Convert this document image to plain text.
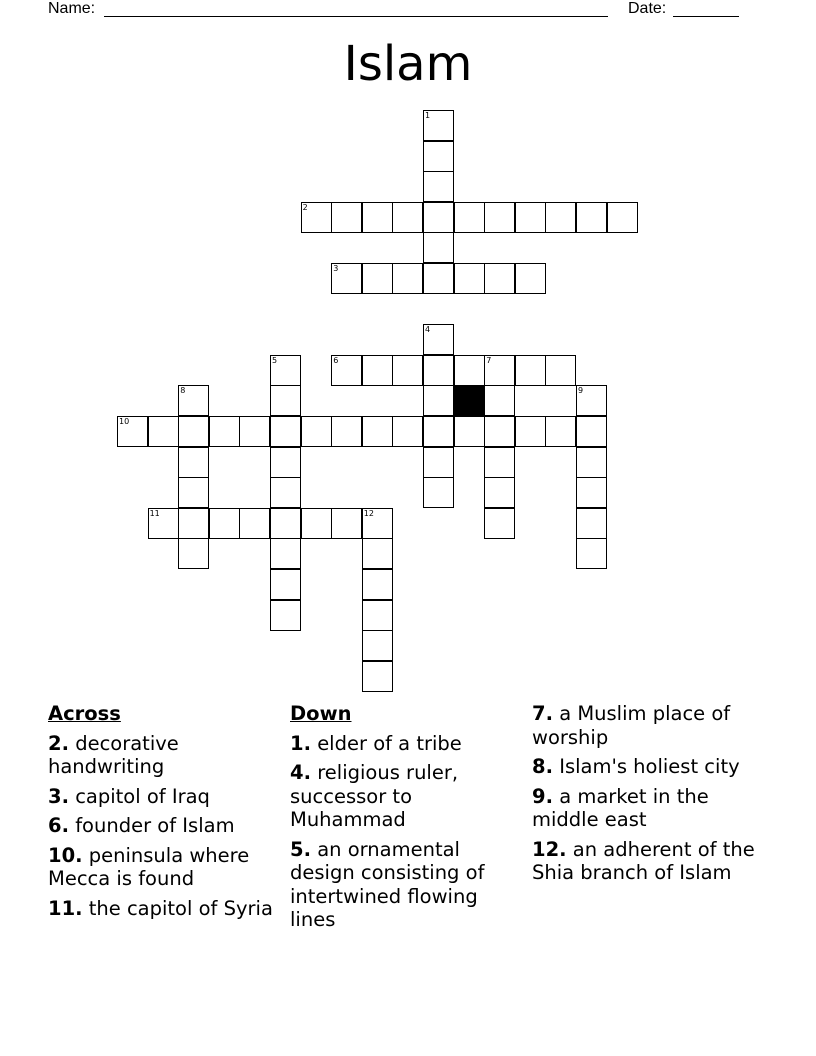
Name:	Date:
Islam
1
2
3
4
5	6	7
8	9
10
11	12
Across
2. decorative handwriting
3. capitol of Iraq
6. founder of Islam
10. peninsula where Mecca is found
11. the capitol of Syria
Down
1. elder of a tribe
4. religious ruler, successor to Muhammad
5. an ornamental design consisting of intertwined flowing lines
7. a Muslim place of worship
8. Islam's holiest city
9. a market in the middle east
12. an adherent of the Shia branch of Islam
